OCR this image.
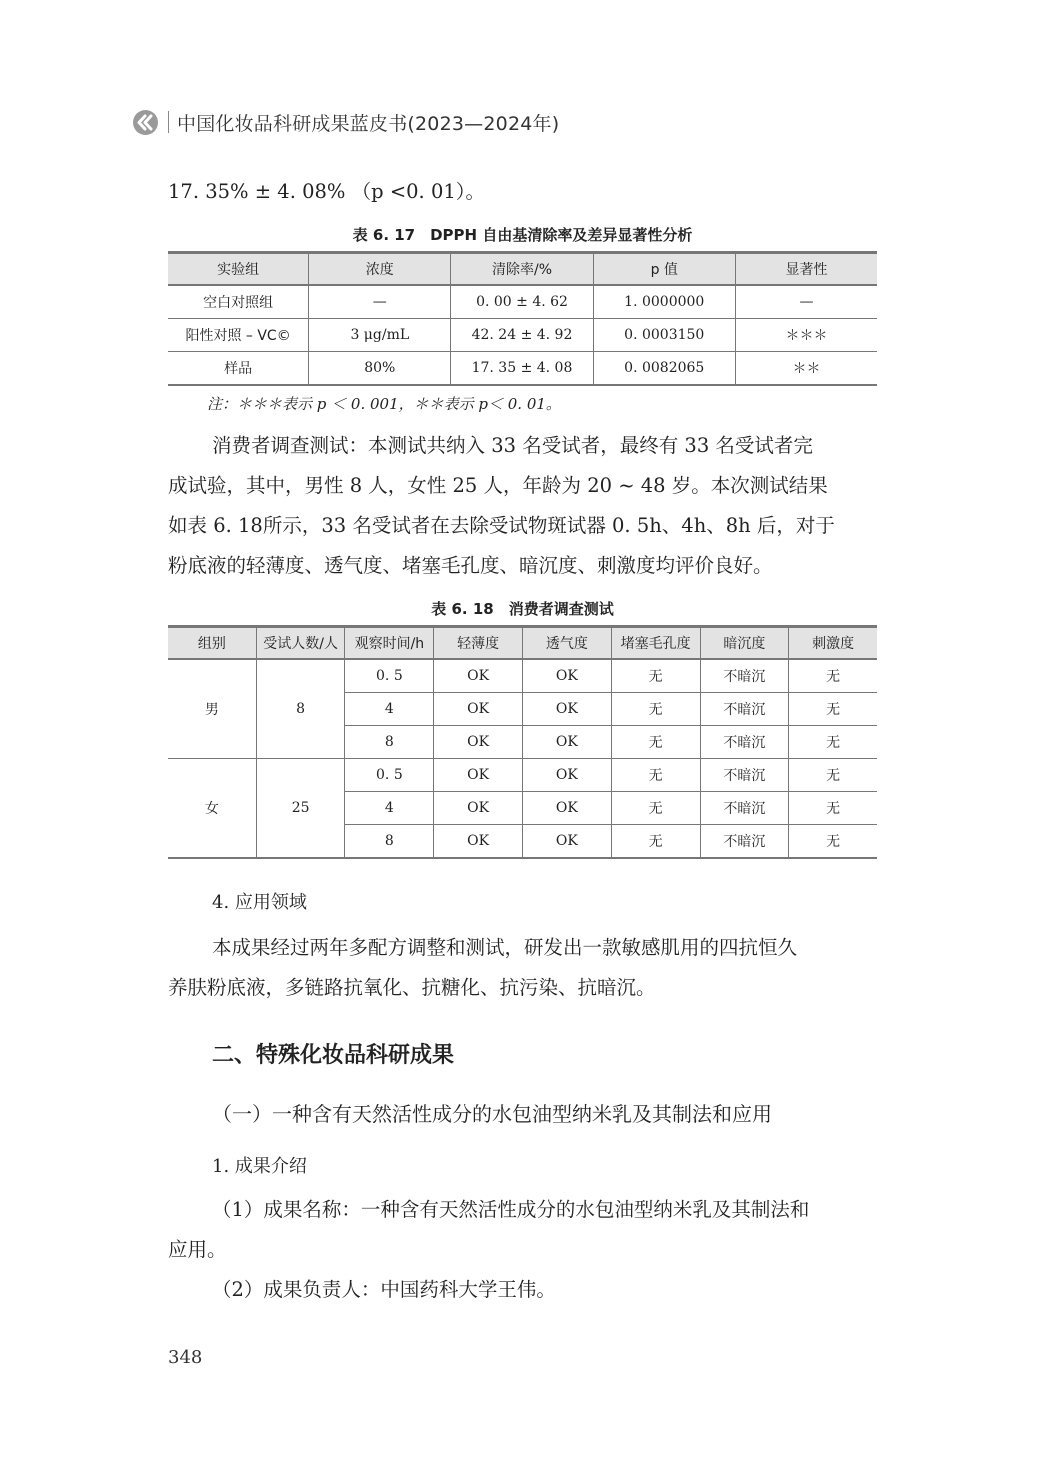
中国化妆品科研成果蓝皮书(2023—2024年)
17. 35% ± 4. 08% （p <0. 01）。
表 6. 17　DPPH 自由基清除率及差异显著性分析
实验组	浓度	清除率/%	p 值	显著性
空白对照组	—	0. 00 ± 4. 62	1. 0000000	—
阳性对照 – VC©	3 μg/mL	42. 24 ± 4. 92	0. 0003150	＊＊＊
样品	80%	17. 35 ± 4. 08	0. 0082065	＊＊
注：＊＊＊表示 p ＜ 0. 001，＊＊表示 p＜ 0. 01。
消费者调查测试：本测试共纳入 33 名受试者，最终有 33 名受试者完
成试验，其中，男性 8 人，女性 25 人，年龄为 20 ~ 48 岁。本次测试结果
如表 6. 18所示，33 名受试者在去除受试物斑试器 0. 5h、4h、8h 后，对于
粉底液的轻薄度、透气度、堵塞毛孔度、暗沉度、刺激度均评价良好。
表 6. 18　消费者调查测试
组别	受试人数/人	观察时间/h	轻薄度	透气度	堵塞毛孔度	暗沉度	刺激度
男	8	0. 5	OK	OK	无	不暗沉	无
		4	OK	OK	无	不暗沉	无
		8	OK	OK	无	不暗沉	无
女	25	0. 5	OK	OK	无	不暗沉	无
		4	OK	OK	无	不暗沉	无
		8	OK	OK	无	不暗沉	无
4. 应用领域
本成果经过两年多配方调整和测试，研发出一款敏感肌用的四抗恒久
养肤粉底液，多链路抗氧化、抗糖化、抗污染、抗暗沉。
二、特殊化妆品科研成果
（一）一种含有天然活性成分的水包油型纳米乳及其制法和应用
1. 成果介绍
（1）成果名称：一种含有天然活性成分的水包油型纳米乳及其制法和
应用。
（2）成果负责人：中国药科大学王伟。
348
